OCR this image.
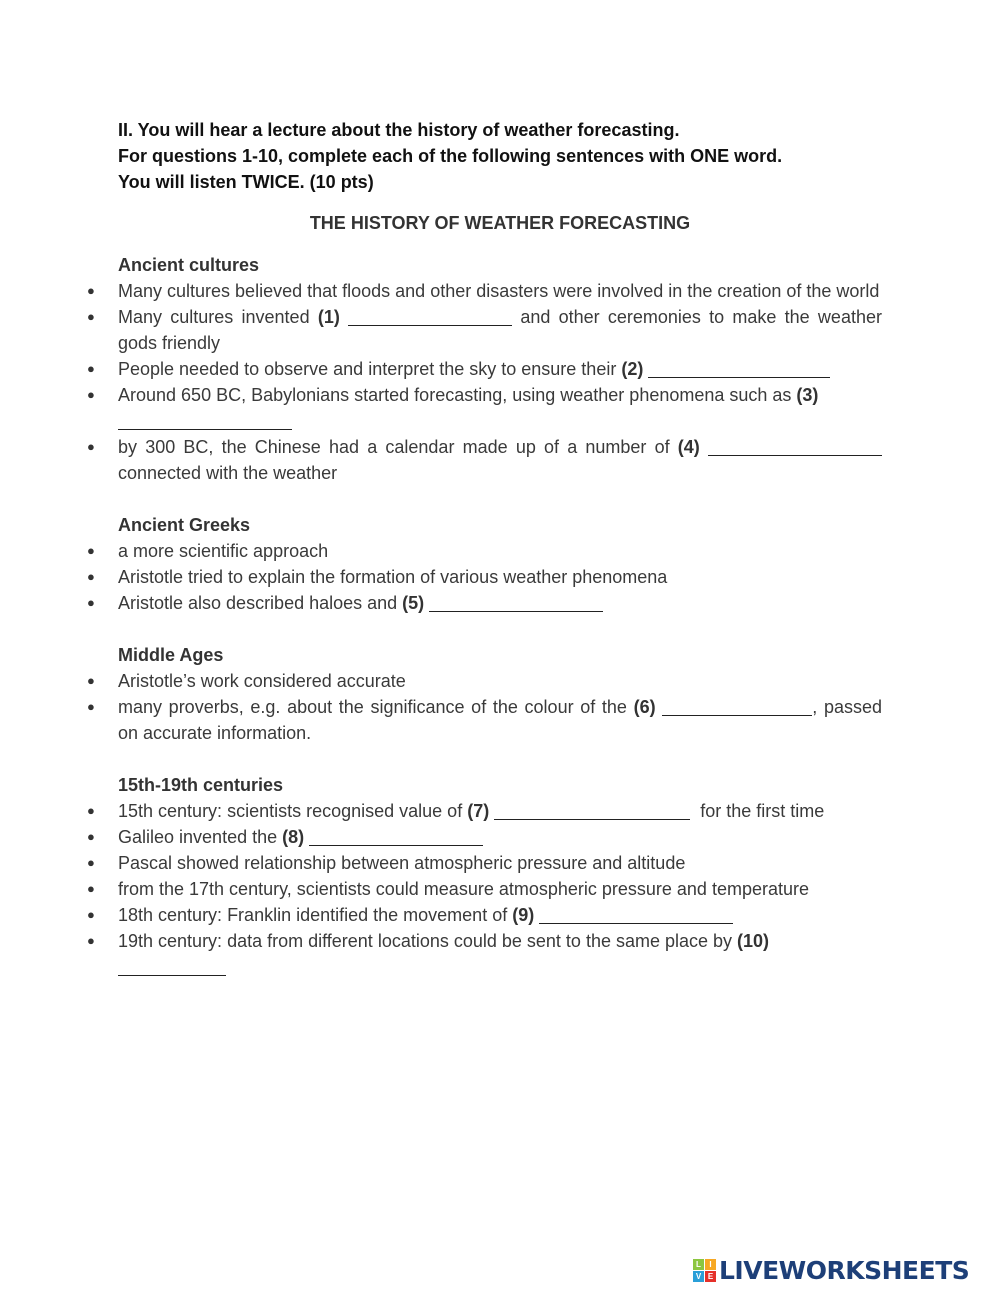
II. You will hear a lecture about the history of weather forecasting.
For questions 1-10, complete each of the following sentences with ONE word.
You will listen TWICE. (10 pts)
THE HISTORY OF WEATHER FORECASTING
Ancient cultures
● Many cultures believed that floods and other disasters were involved in the creation of the world
● Many cultures invented (1)	and other ceremonies to make the weather gods friendly
● People needed to observe and interpret the sky to ensure their (2)
● Around 650 BC, Babylonians started forecasting, using weather phenomena such as (3)

● by 300 BC, the Chinese had a calendar made up of a number of (4)  connected with the weather
Ancient Greeks
● a more scientific approach
● Aristotle tried to explain the formation of various weather phenomena
● Aristotle also described haloes and (5)
Middle Ages
● Aristotle’s work considered accurate
● many proverbs, e.g. about the significance of the colour of the (6)	, passed on accurate information.
15th-19th centuries
● 15th century: scientists recognised value of (7)	for the first time
● Galileo invented the (8)
● Pascal showed relationship between atmospheric pressure and altitude
● from the 17th century, scientists could measure atmospheric pressure and temperature
● 18th century: Franklin identified the movement of (9)
● 19th century: data from different locations could be sent to the same place by (10)

L	I
V E LIVEWORKSHEETS
